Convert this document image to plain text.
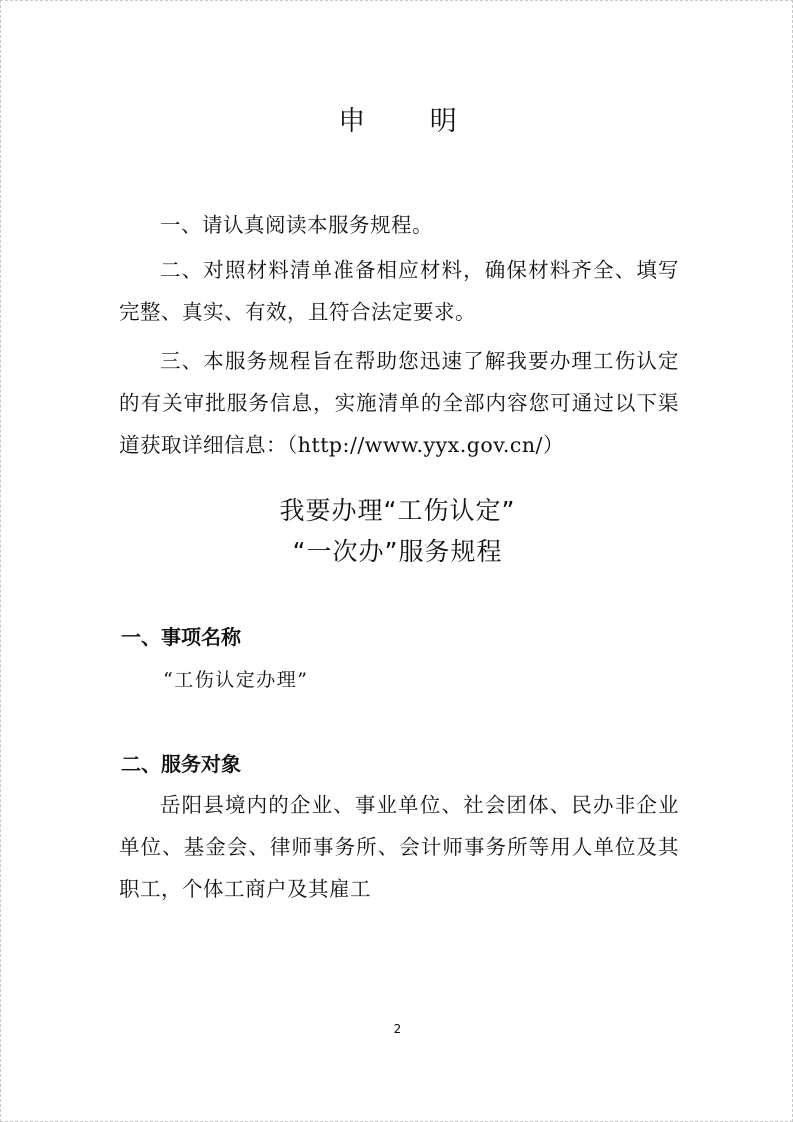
申 明
一、请认真阅读本服务规程。
二、对照材料清单准备相应材料，确保材料齐全、填写完整、真实、有效，且符合法定要求。
三、本服务规程旨在帮助您迅速了解我要办理工伤认定的有关审批服务信息，实施清单的全部内容您可通过以下渠道获取详细信息：（http://www.yyx.gov.cn/）
我要办理“工伤认定”
“一次办”服务规程
一、事项名称
“工伤认定办理”
二、服务对象
岳阳县境内的企业、事业单位、社会团体、民办非企业单位、基金会、律师事务所、会计师事务所等用人单位及其职工，个体工商户及其雇工
2
